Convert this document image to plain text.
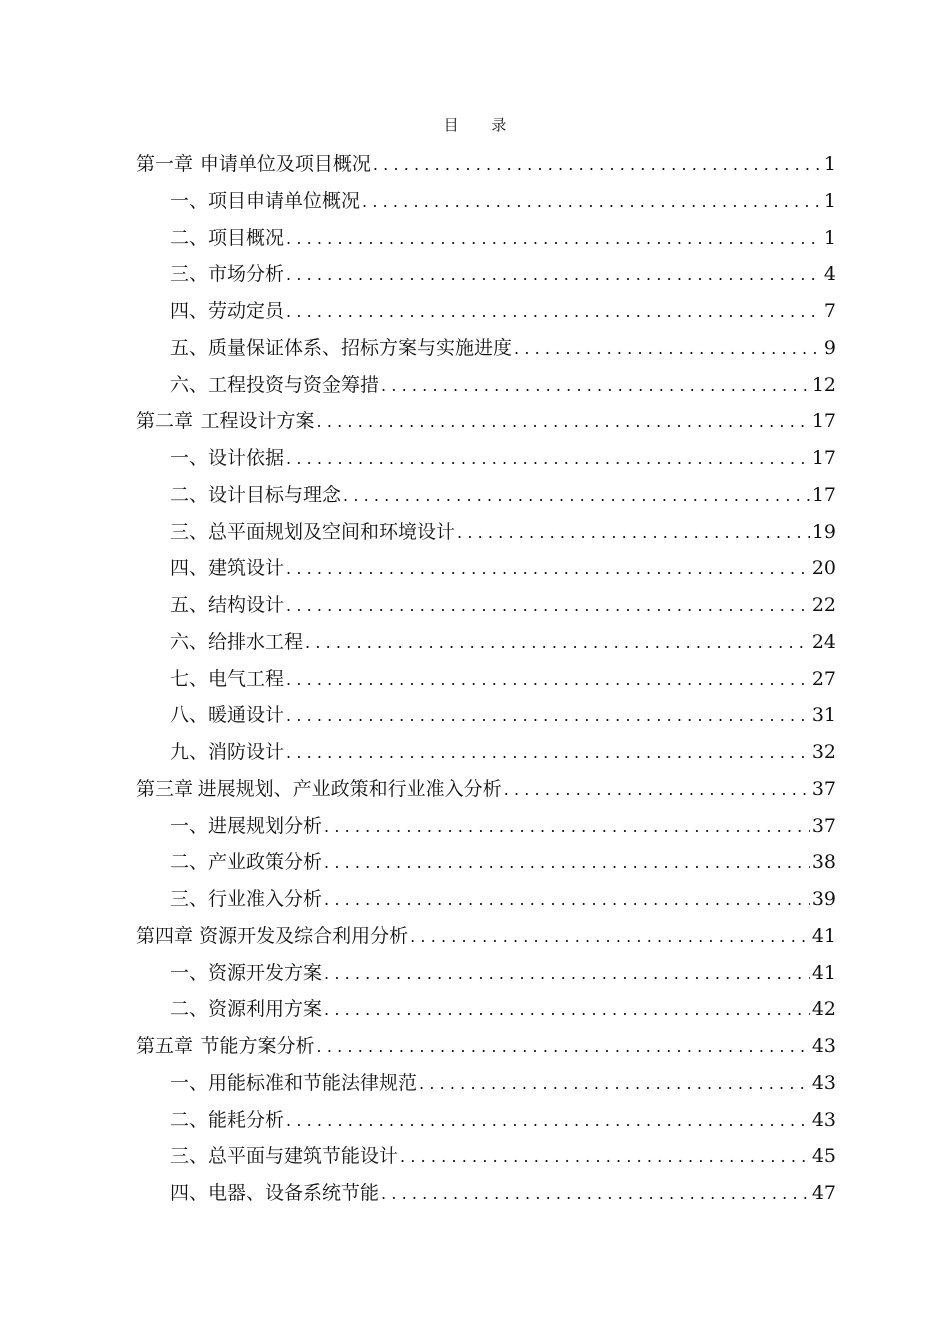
目 录
第一章 申请单位及项目概况 .....	1
一、 项目申请单位概况 .....	1
二、 项目概况 .....	1
三、 市场分析 .....	4
四、 劳动定员 .....	7
五、 质量保证体系、招标方案与实施进度 .....	9
六、 工程投资与资金筹措 .....	12
第二章 工程设计方案 .....	17
一、 设计依据 .....	17
二、 设计目标与理念 .....	17
三、 总平面规划及空间和环境设计 .....	19
四、 建筑设计 .....	20
五、 结构设计 .....	22
六、 给排水工程 .....	24
七、 电气工程 .....	27
八、 暖通设计 .....	31
九、 消防设计 .....	32
第三章 进展规划、产业政策和行业准入分析 .....	37
一、 进展规划分析 .....	37
二、 产业政策分析 .....	38
三、 行业准入分析 .....	39
第四章 资源开发及综合利用分析 .....	41
一、 资源开发方案 .....	41
二、 资源利用方案 .....	42
第五章 节能方案分析 .....	43
一、 用能标准和节能法律规范 .....	43
二、 能耗分析 .....	43
三、 总平面与建筑节能设计 .....	45
四、 电器、设备系统节能 .....	47
